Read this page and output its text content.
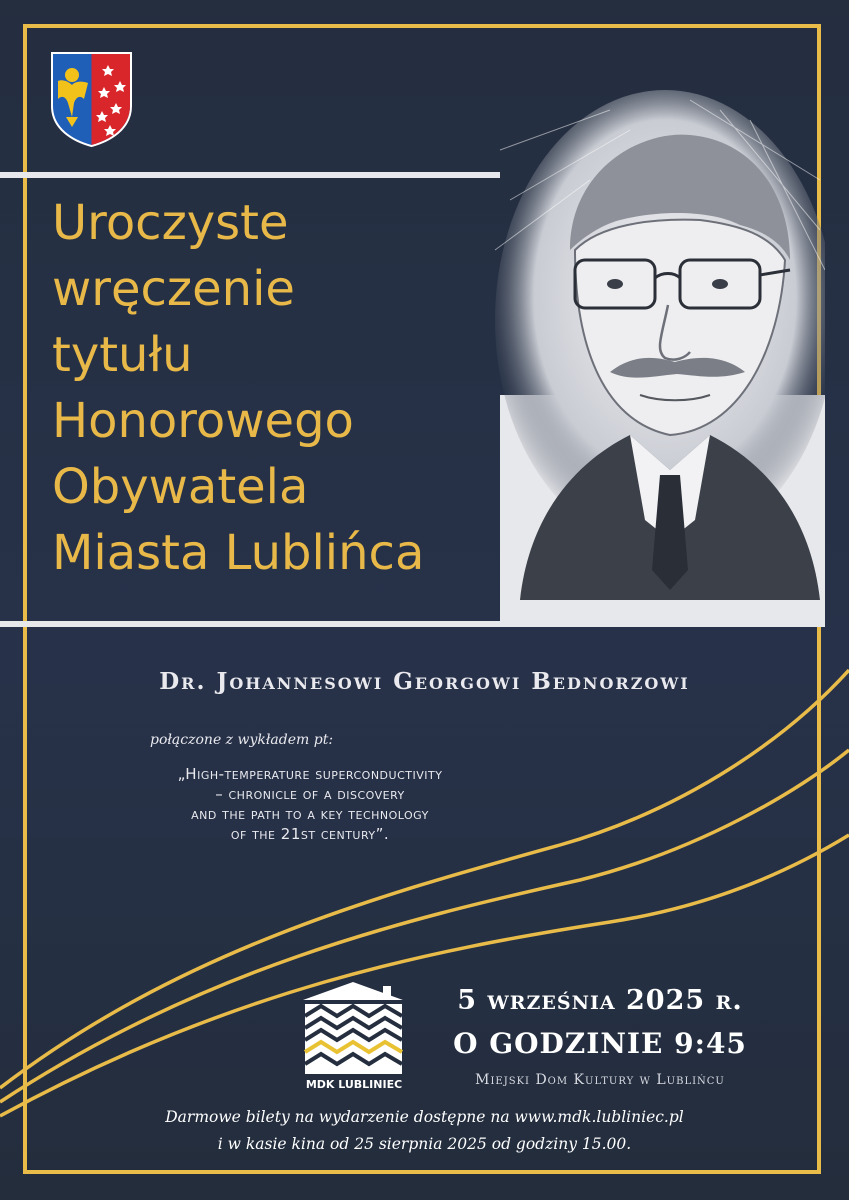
Uroczyste
wręczenie
tytułu
Honorowego
Obywatela
Miasta Lublińca
Dr. Johannesowi Georgowi Bednorzowi
połączone z wykładem pt:
„High-temperature superconductivity
– chronicle of a discovery
and the path to a key technology
of the 21st century”.
MDK LUBLINIEC
5 września 2025 r.
O GODZINIE 9:45
Miejski Dom Kultury w Lublińcu
Darmowe bilety na wydarzenie dostępne na www.mdk.lubliniec.pl
i w kasie kina od 25 sierpnia 2025 od godziny 15.00.
